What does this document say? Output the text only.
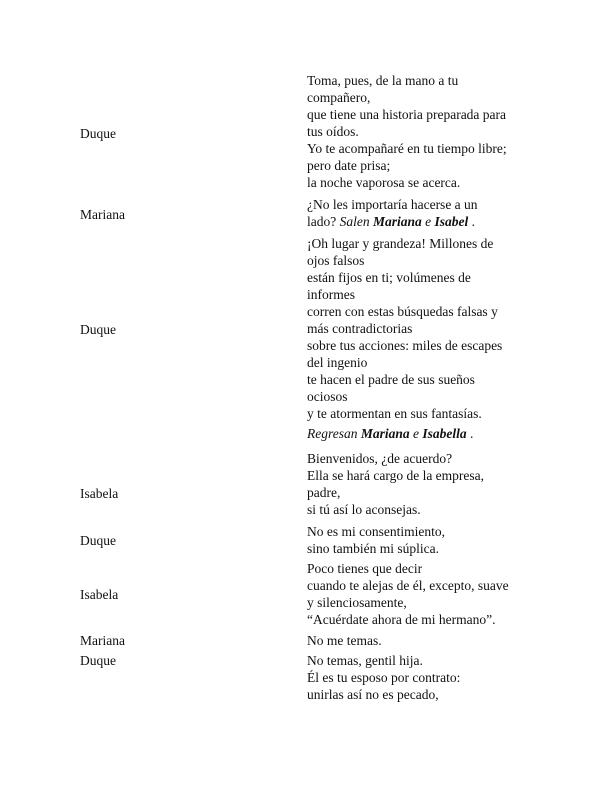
Duque
Toma, pues, de la mano a tu
compañero,
que tiene una historia preparada para
tus oídos.
Yo te acompañaré en tu tiempo libre;
pero date prisa;
la noche vaporosa se acerca.
Mariana
¿No les importaría hacerse a un
lado? Salen Mariana e Isabel .
Duque
¡Oh lugar y grandeza! Millones de
ojos falsos
están fijos en ti; volúmenes de
informes
corren con estas búsquedas falsas y
más contradictorias
sobre tus acciones: miles de escapes
del ingenio
te hacen el padre de sus sueños
ociosos
y te atormentan en sus fantasías.
Regresan Mariana e Isabella .
Isabela
Bienvenidos, ¿de acuerdo?
Ella se hará cargo de la empresa,
padre,
si tú así lo aconsejas.
Duque
No es mi consentimiento,
sino también mi súplica.
Isabela
Poco tienes que decir
cuando te alejas de él, excepto, suave
y silenciosamente,
“Acuérdate ahora de mi hermano”.
Mariana	No me temas.
Duque	No temas, gentil hija.
Él es tu esposo por contrato:
unirlas así no es pecado,
